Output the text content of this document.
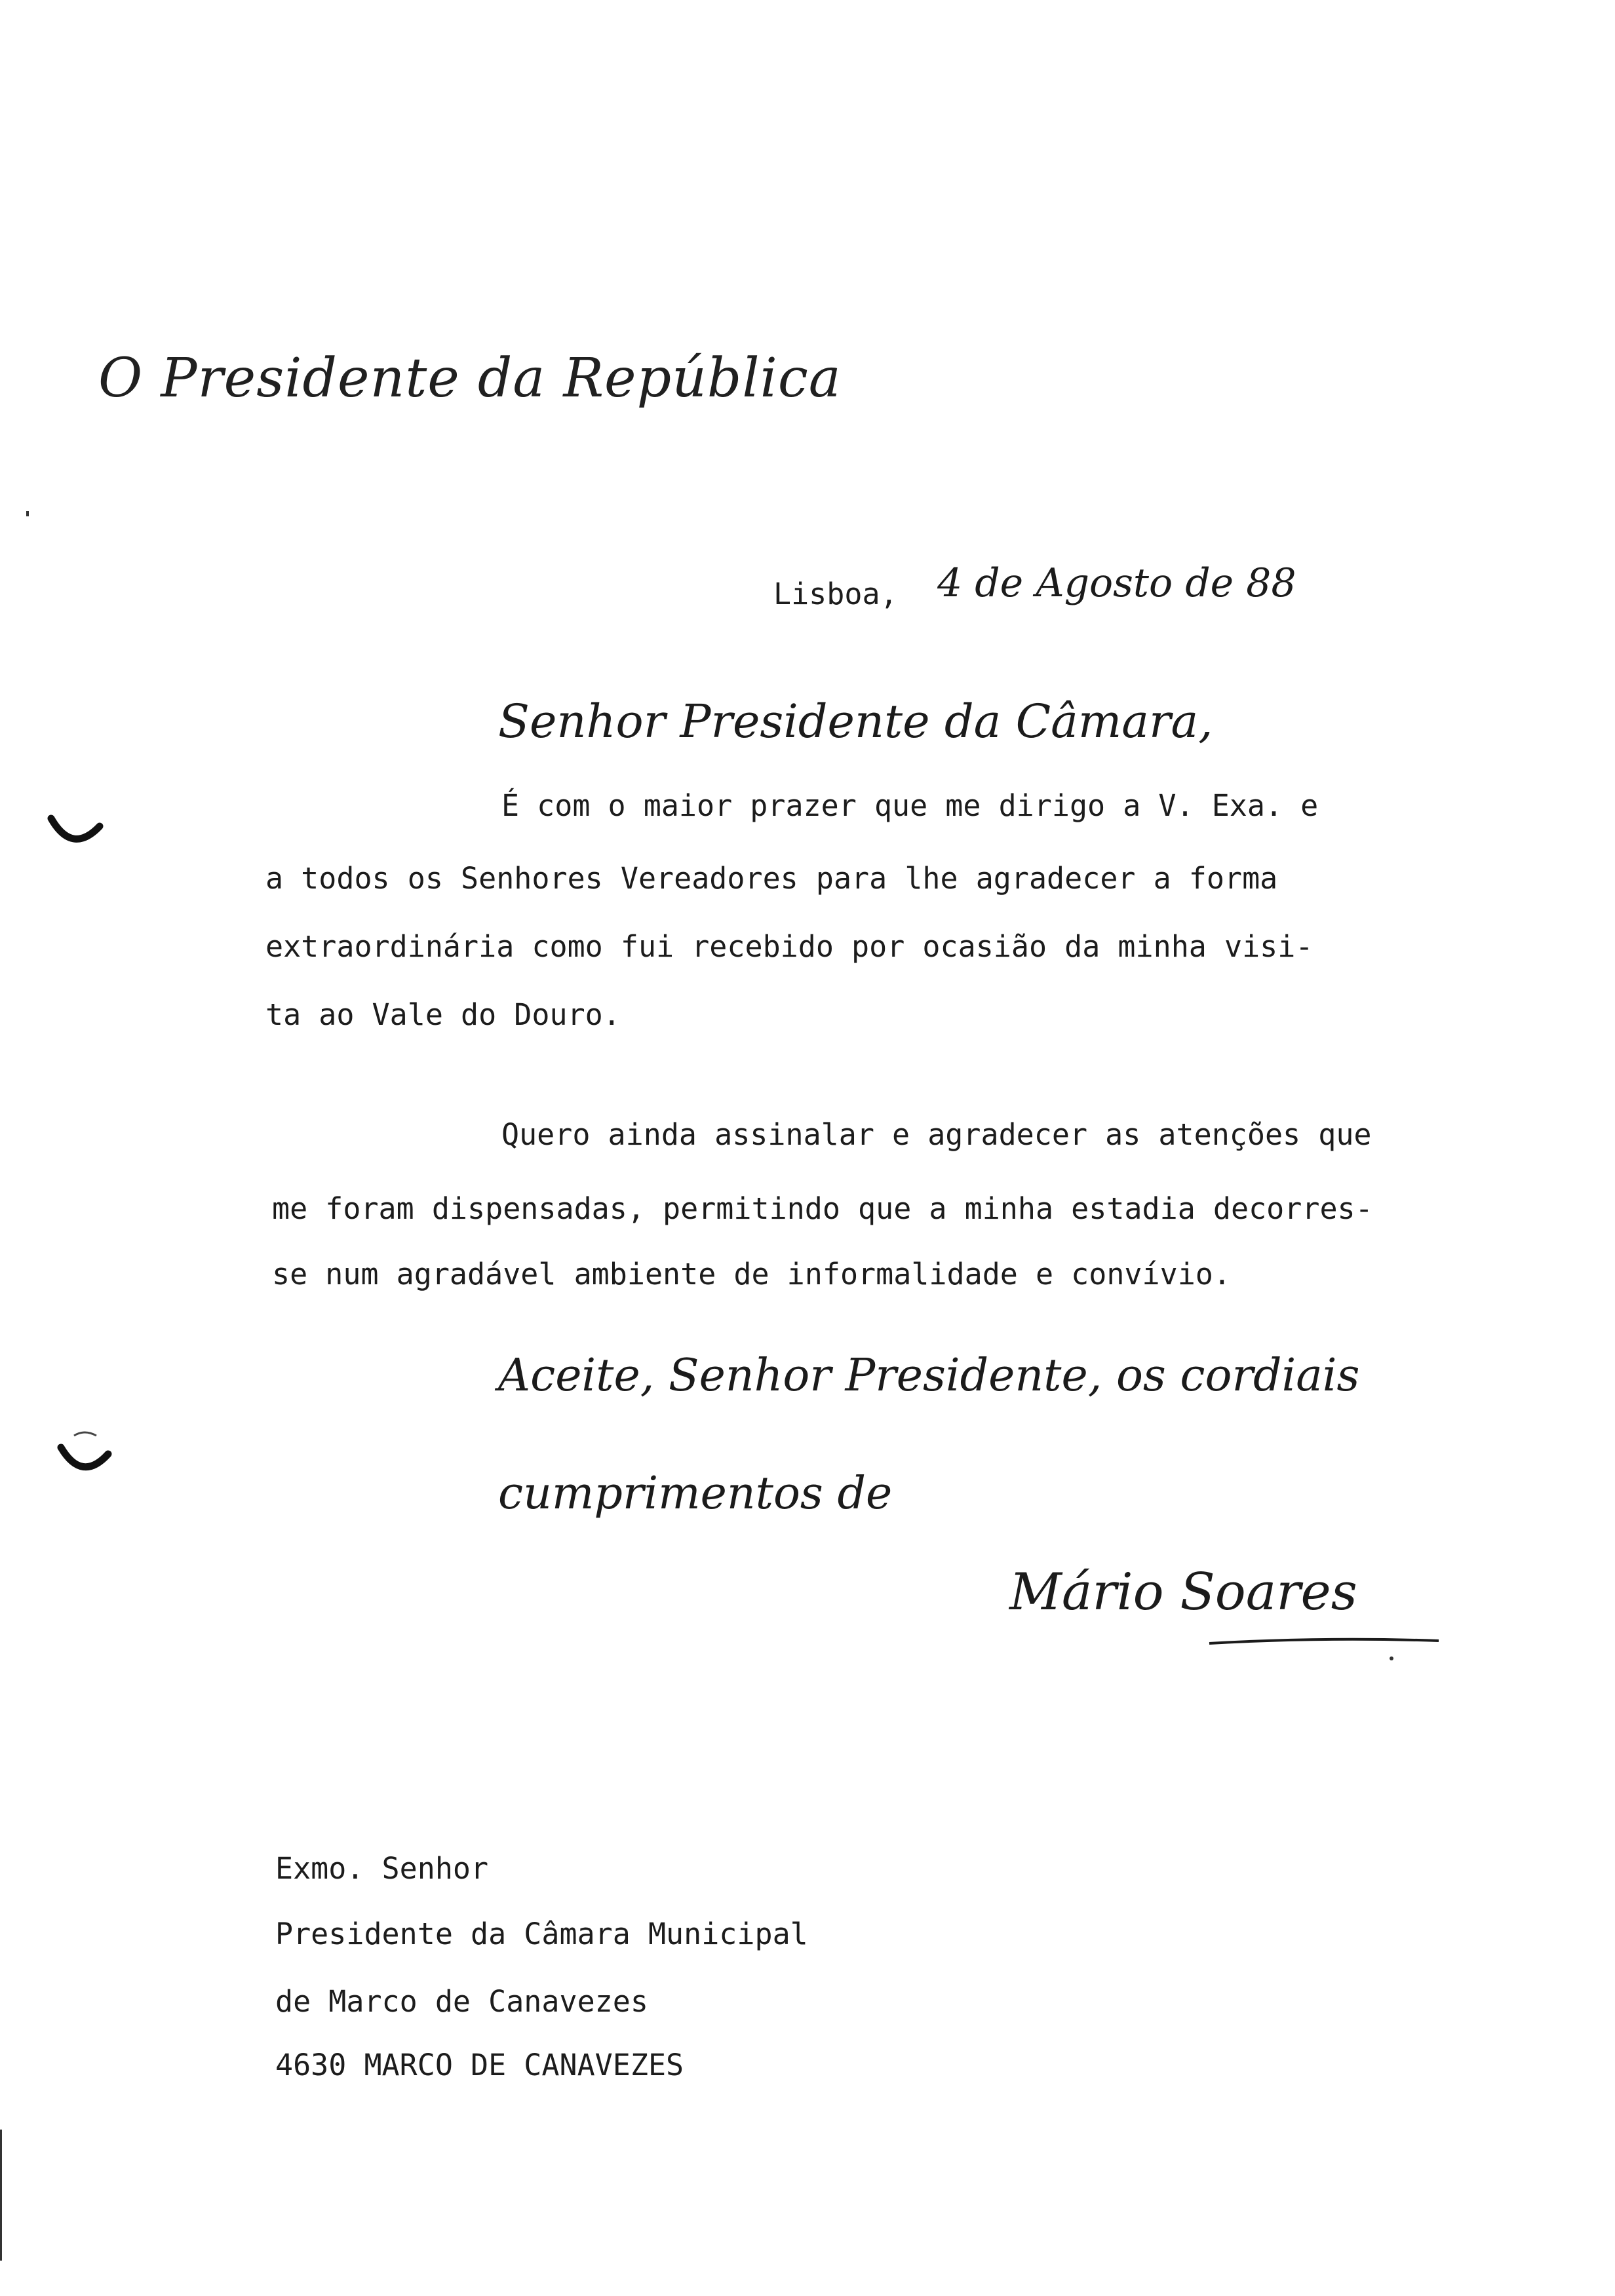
O Presidente da República
Lisboa, 4 de Agosto de 88
Senhor Presidente da Câmara,
É com o maior prazer que me dirigo a V. Exa. e
a todos os Senhores Vereadores para lhe agradecer a forma
extraordinária como fui recebido por ocasião da minha visi-
ta ao Vale do Douro.
Quero ainda assinalar e agradecer as atenções que
me foram dispensadas, permitindo que a minha estadia decorres-
se num agradável ambiente de informalidade e convívio.
Aceite, Senhor Presidente, os cordiais
cumprimentos de
Mário Soares
Exmo. Senhor
Presidente da Câmara Municipal
de Marco de Canavezes
4630 MARCO DE CANAVEZES
